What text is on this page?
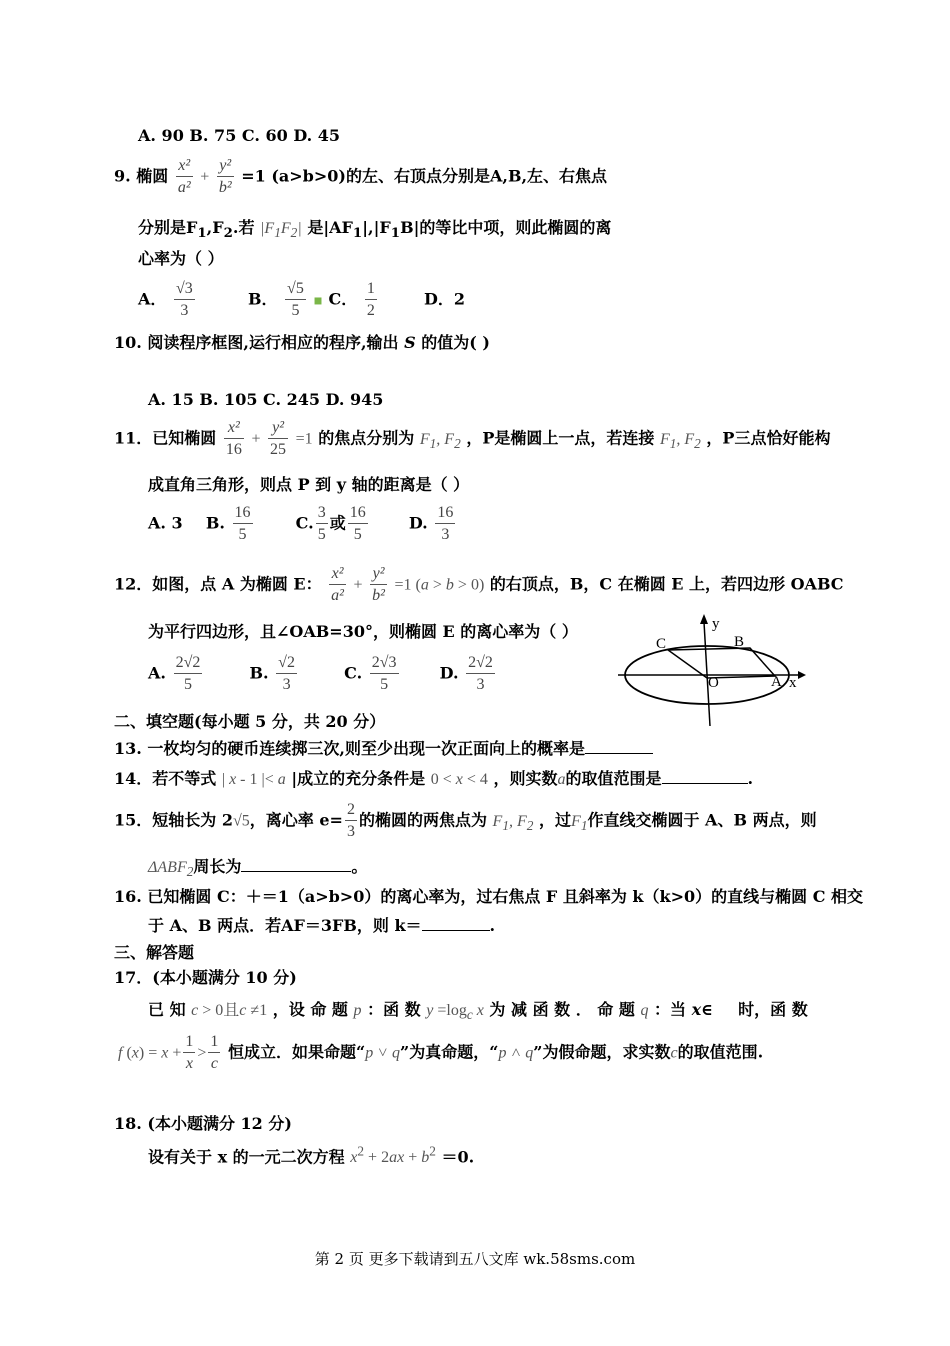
A. 90 B. 75 C. 60 D. 45
9. 椭圆 $\frac{\text{x²}}{\text{a²}} + \frac{\text{y²}}{\text{b²}} =1$ (a>b>0)的左、右顶点分别是A,B,左、右焦点
分别是$F_1,F_2$.若 $|F_1F_2|$ 是$|AF_1|,|F_1B|$的等比中项，则此椭圆的离
心率为（ ）
A． $\frac{√3}{3}$	B． $\frac{√5}{5}$ ▪ C． $\frac{1}{2}$	D．2
10. 阅读程序框图,运行相应的程序,输出 S 的值为( )
A. 15 B. 105 C. 245 D. 945
11．已知椭圆 $\frac{\text{x²}}{16} + \frac{\text{y²}}{25} =1$ 的焦点分别为 $F_1$, $F_2$ ，P是椭圆上一点，若连接 $F_1$, $F_2$ ，P三点恰好能构
成直角三角形，则点 P 到 y 轴的距离是（ ）
A. 3 B. $\frac{16}{5}$	C. $\frac{3}{5}$ 或 $\frac{16}{5}$	D. $\frac{16}{3}$
12．如图，点 A 为椭圆 E： $\frac{\text{x²}}{\text{a²}} + \frac{\text{y²}}{\text{b²}} =1$ (a > b > 0) 的右顶点，B，C 在椭圆 E 上，若四边形 OABC
为平行四边形，且∠OAB=30°，则椭圆 E 的离心率为（ ）
A. $\frac{2√2}{5}$	B. $\frac{√2}{3}$	C. $\frac{2√3}{5}$	D. $\frac{2√2}{3}$
y
C	B
O	A x
二、填空题(每小题 5 分，共 20 分）
13. 一枚均匀的硬币连续掷三次,则至少出现一次正面向上的概率是
14．若不等式 | x - 1 |< a |成立的充分条件是 0 < x < 4 ，则实数a的取值范围是	.
15．短轴长为 2√5，离心率 $e= \frac{2}{3}$ 的椭圆的两焦点为 $F_1$, $F_2$ ，过$F_1$作直线交椭圆于 A、B 两点，则
$\Delta ABF_2$周长为	。
16. 已知椭圆 C：＋＝1（a>b>0）的离心率为，过右焦点 F 且斜率为 k（k>0）的直线与椭圆 C 相交
于 A、B 两点．若AF＝3FB，则 k＝	.
三、解答题
17．(本小题满分 10 分)
已 知 c > 0且c ≠1 ，设 命 题 p ：函 数 $y =\log_c$ x 为 减 函 数 ． 命 题 q ：当 x∈  时，函 数
f $(x) = x + \frac{1}{x} > \frac{1}{c}$ 恒成立．如果命题“p ˅ q”为真命题，“p ˄ q”为假命题，求实数c的取值范围.
18. (本小题满分 12 分)
设有关于 x 的一元二次方程 $x^2 + 2ax + b^2 =0$.
第 2 页 更多下载请到五八文库 wk.58sms.com
